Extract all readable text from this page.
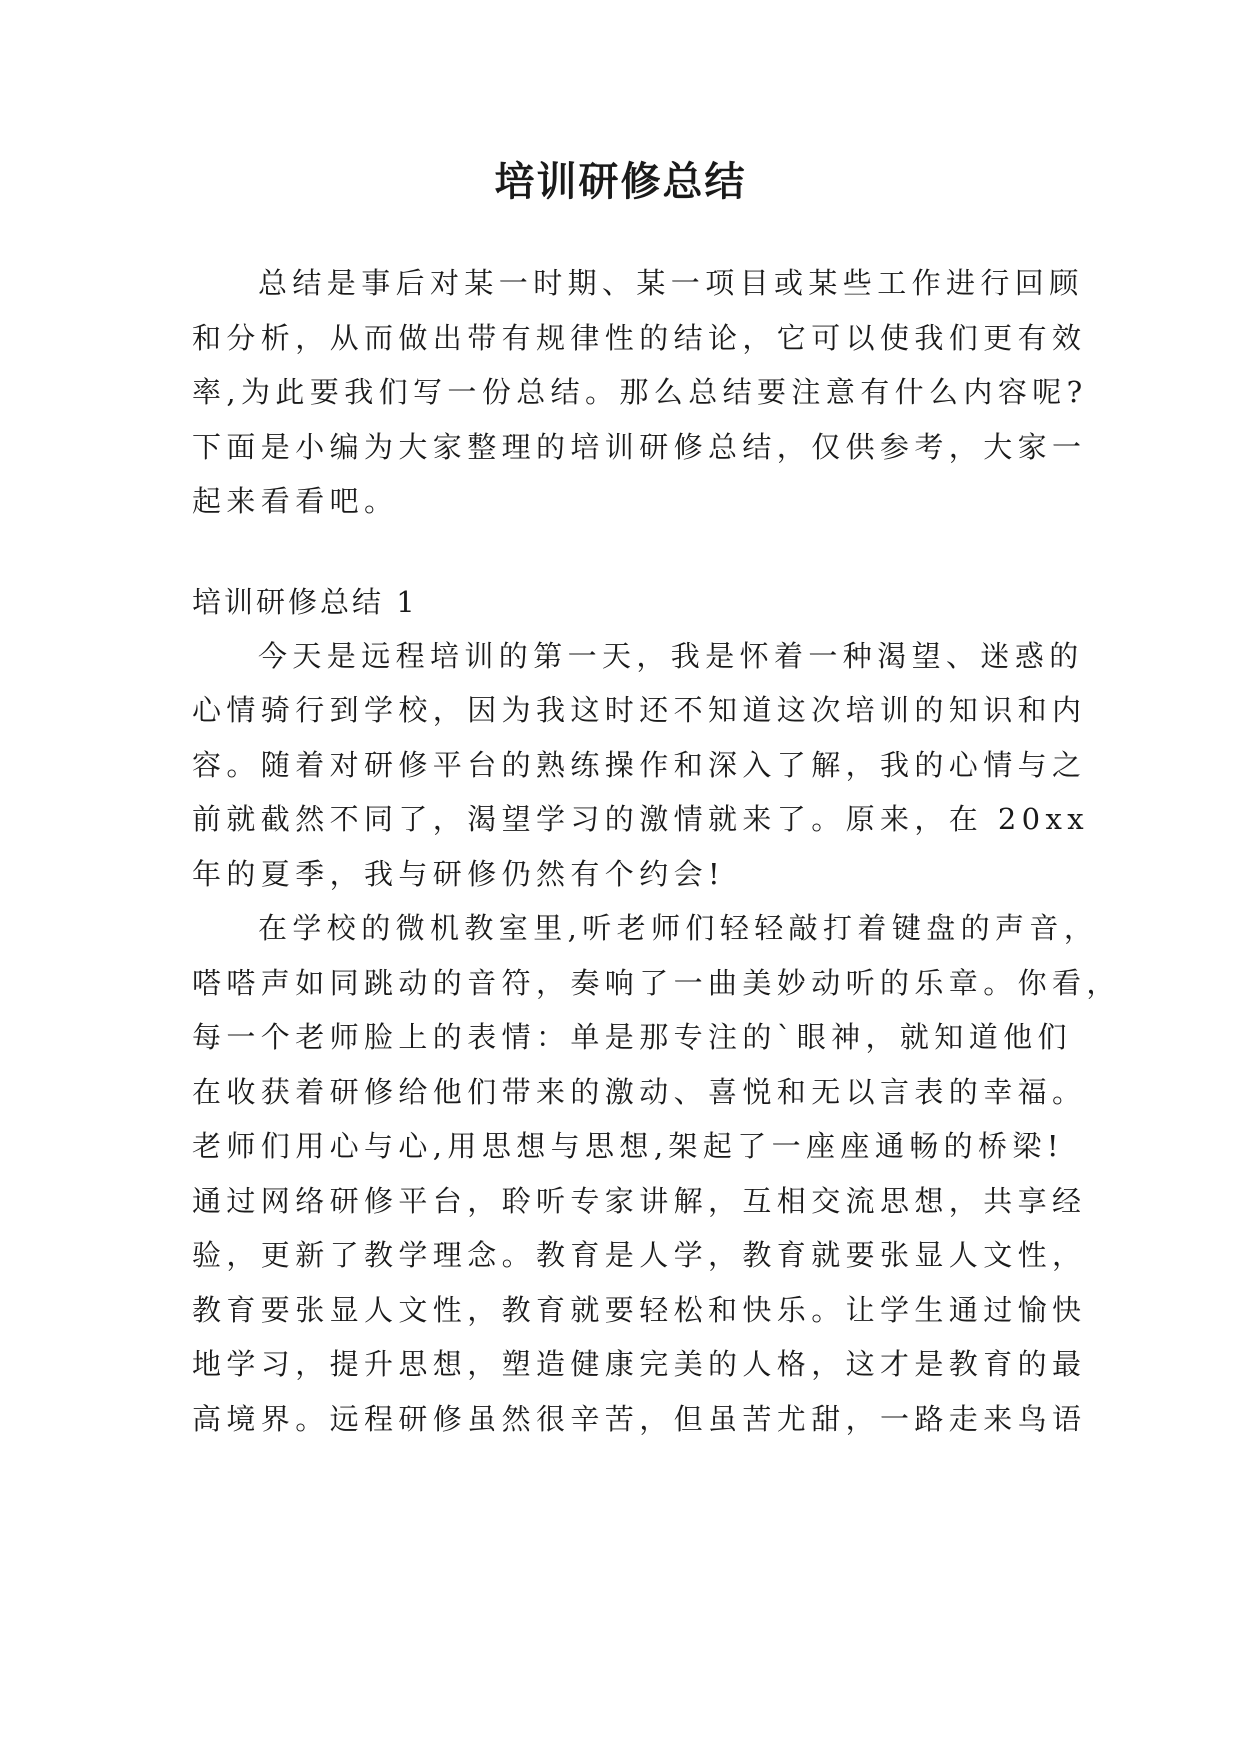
培训研修总结
总结是事后对某一时期、某一项目或某些工作进行回顾
和分析，从而做出带有规律性的结论，它可以使我们更有效
率,为此要我们写一份总结。那么总结要注意有什么内容呢?
下面是小编为大家整理的培训研修总结，仅供参考，大家一
起来看看吧。
培训研修总结 1
今天是远程培训的第一天，我是怀着一种渴望、迷惑的
心情骑行到学校，因为我这时还不知道这次培训的知识和内
容。随着对研修平台的熟练操作和深入了解，我的心情与之
前就截然不同了，渴望学习的激情就来了。原来，在 20xx
年的夏季，我与研修仍然有个约会!
在学校的微机教室里,听老师们轻轻敲打着键盘的声音，
嗒嗒声如同跳动的音符，奏响了一曲美妙动听的乐章。你看，
每一个老师脸上的表情：单是那专注的`眼神，就知道他们
在收获着研修给他们带来的激动、喜悦和无以言表的幸福。
老师们用心与心,用思想与思想,架起了一座座通畅的桥梁!
通过网络研修平台，聆听专家讲解，互相交流思想，共享经
验，更新了教学理念。教育是人学，教育就要张显人文性，
教育要张显人文性，教育就要轻松和快乐。让学生通过愉快
地学习，提升思想，塑造健康完美的人格，这才是教育的最
高境界。远程研修虽然很辛苦，但虽苦尤甜，一路走来鸟语
